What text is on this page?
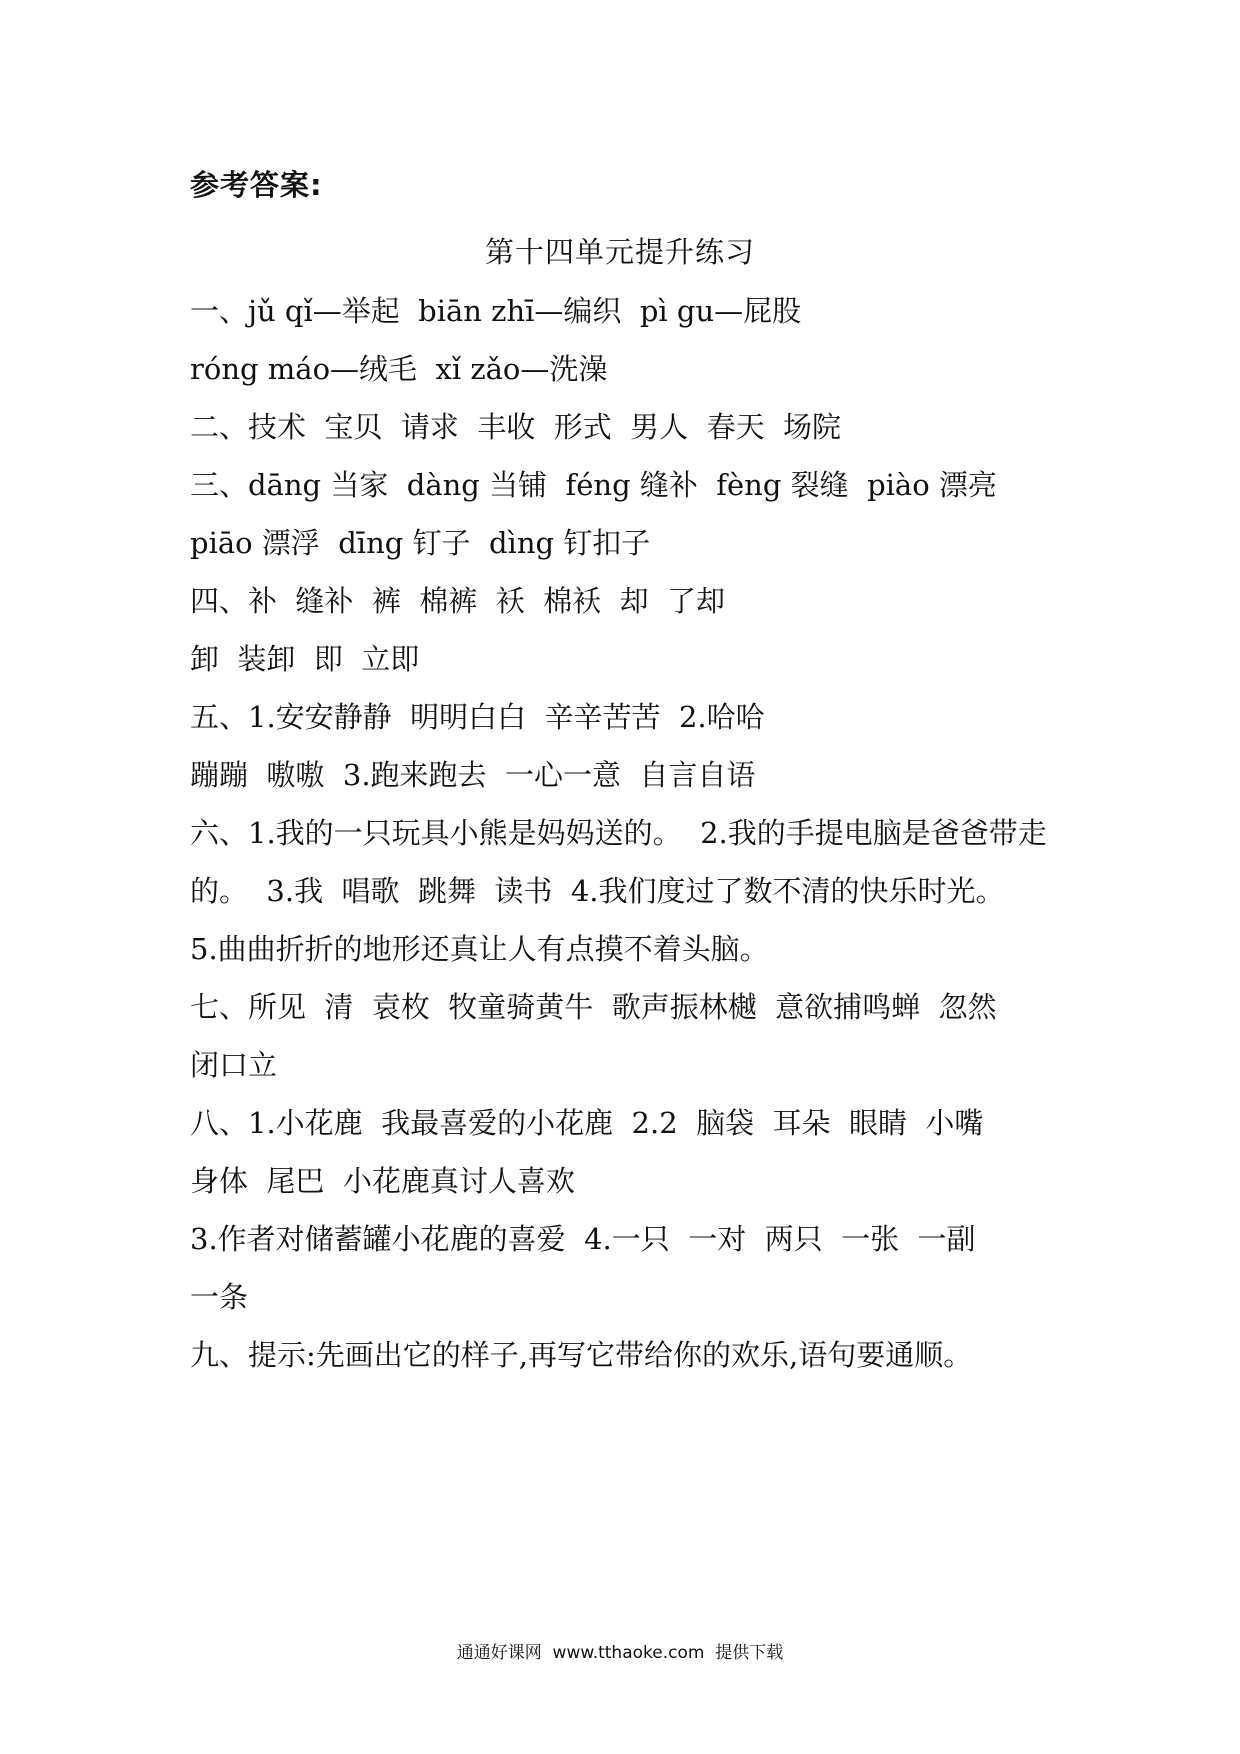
参考答案:
第十四单元提升练习
一、jǔ qǐ—举起  biān zhī—编织  pì gu—屁股
róng máo—绒毛  xǐ zǎo—洗澡
二、技术  宝贝  请求  丰收  形式  男人  春天  场院
三、dāng 当家  dàng 当铺  féng 缝补  fèng 裂缝  piào 漂亮
piāo 漂浮  dīng 钉子  dìng 钉扣子
四、补  缝补  裤  棉裤  袄  棉袄  却  了却
卸  装卸  即  立即
五、1.安安静静  明明白白  辛辛苦苦  2.哈哈
蹦蹦  嗷嗷  3.跑来跑去  一心一意  自言自语
六、1.我的一只玩具小熊是妈妈送的。  2.我的手提电脑是爸爸带走
的。  3.我  唱歌  跳舞  读书  4.我们度过了数不清的快乐时光。
5.曲曲折折的地形还真让人有点摸不着头脑。
七、所见  清  袁枚  牧童骑黄牛  歌声振林樾  意欲捕鸣蝉  忽然
闭口立
八、1.小花鹿  我最喜爱的小花鹿  2.2  脑袋  耳朵  眼睛  小嘴
身体  尾巴  小花鹿真讨人喜欢
3.作者对储蓄罐小花鹿的喜爱  4.一只  一对  两只  一张  一副
一条
九、提示:先画出它的样子,再写它带给你的欢乐,语句要通顺。
通通好课网  www.tthaoke.com  提供下载
